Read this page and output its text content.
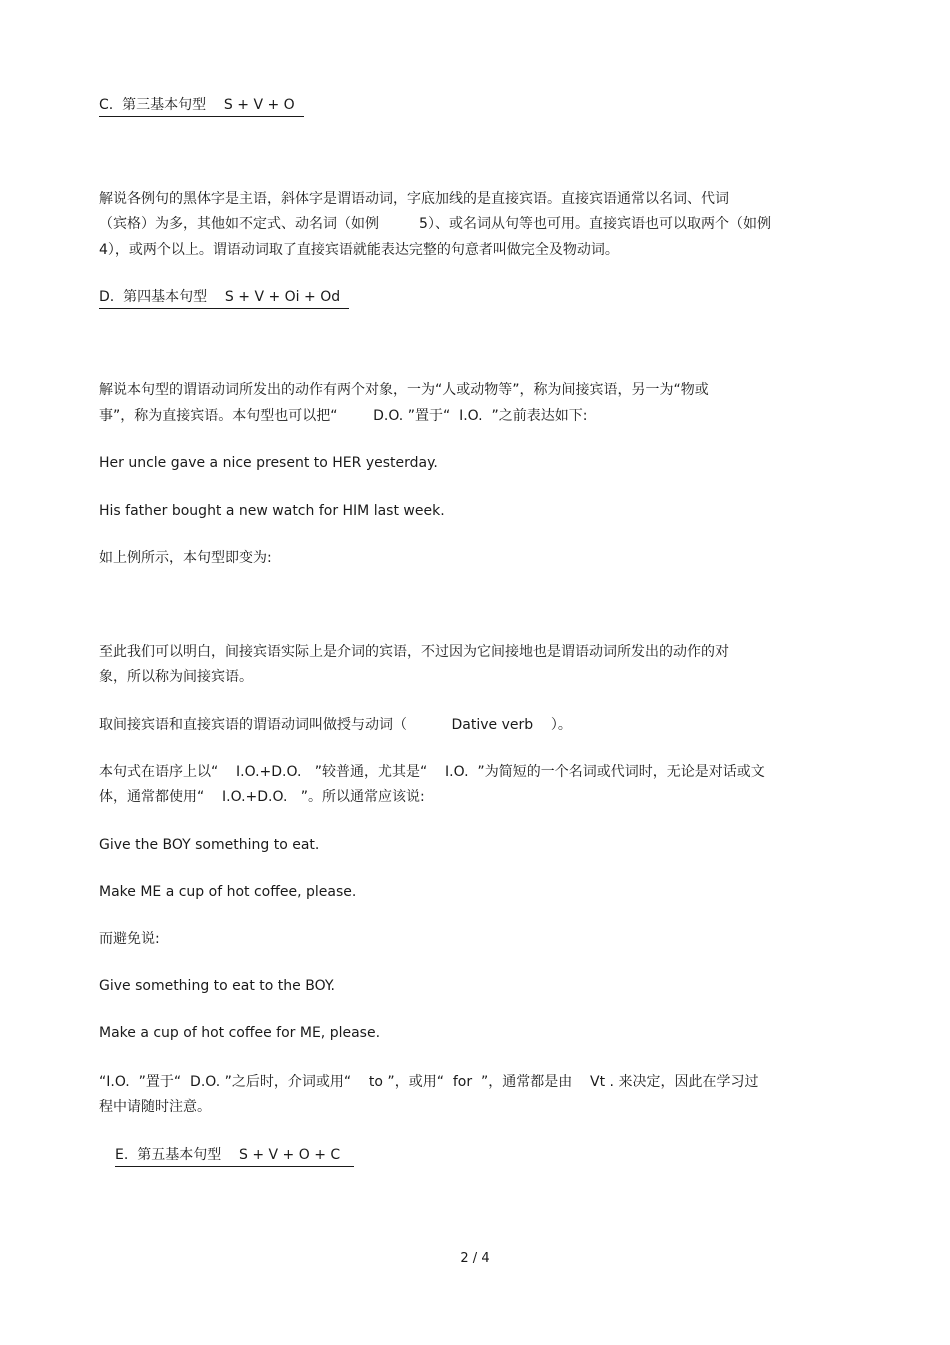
C.  第三基本句型    S + V + O
解说各例句的黑体字是主语，斜体字是谓语动词，字底加线的是直接宾语。直接宾语通常以名词、代词
（宾格）为多，其他如不定式、动名词（如例         5）、或名词从句等也可用。直接宾语也可以取两个（如例
4），或两个以上。谓语动词取了直接宾语就能表达完整的句意者叫做完全及物动词。
D.  第四基本句型    S + V + Oi + Od
解说本句型的谓语动词所发出的动作有两个对象，一为“人或动物等”，称为间接宾语，另一为“物或
事”，称为直接宾语。本句型也可以把“        D.O. ”置于“  I.O.  ”之前表达如下:
Her uncle gave a nice present to HER yesterday.
His father bought a new watch for HIM last week.
如上例所示，本句型即变为:
至此我们可以明白，间接宾语实际上是介词的宾语，不过因为它间接地也是谓语动词所发出的动作的对
象，所以称为间接宾语。
取间接宾语和直接宾语的谓语动词叫做授与动词（          Dative verb    ）。
本句式在语序上以“    I.O.+D.O.   ”较普通，尤其是“    I.O.  ”为简短的一个名词或代词时，无论是对话或文
体，通常都使用“    I.O.+D.O.   ”。所以通常应该说:
Give the BOY something to eat.
Make ME a cup of hot coffee, please.
而避免说:
Give something to eat to the BOY.
Make a cup of hot coffee for ME, please.
“I.O.  ”置于“  D.O. ”之后时，介词或用“    to ”，或用“  for  ”，通常都是由    Vt . 来决定，因此在学习过
程中请随时注意。
E.  第五基本句型    S + V + O + C
2 / 4
